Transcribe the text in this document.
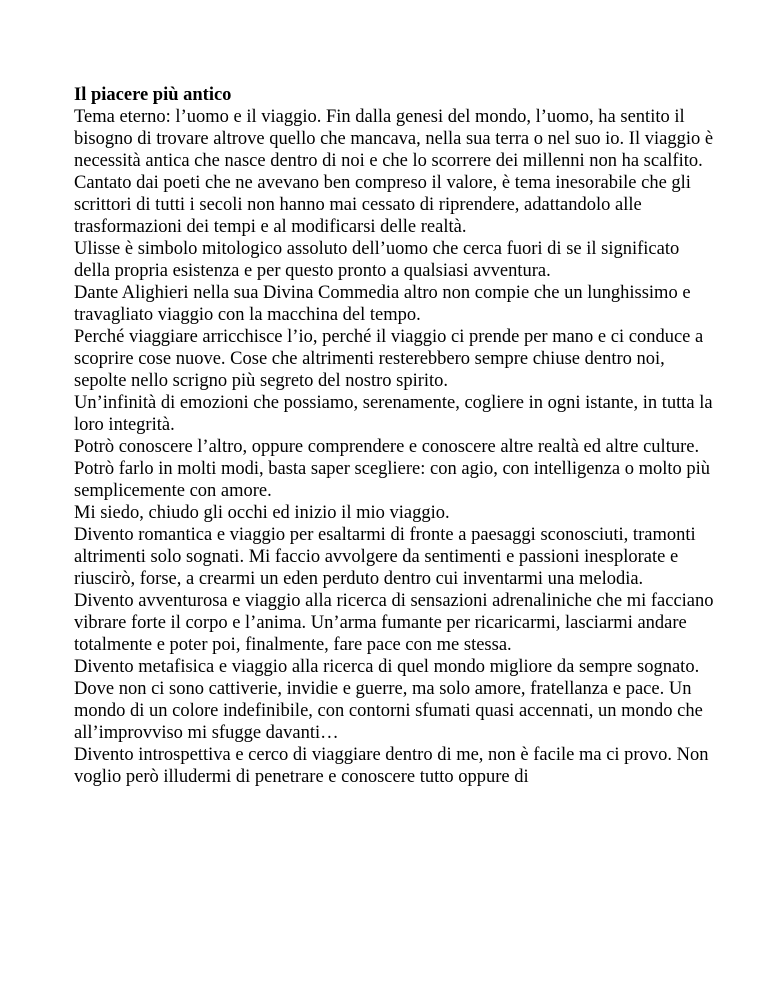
Il piacere più antico

Tema eterno: l’uomo e il viaggio. Fin dalla genesi del mondo, l’uomo, ha sentito il bisogno di trovare altrove quello che mancava, nella sua terra o nel suo io. Il viaggio è necessità antica che nasce dentro di noi e che lo scorrere dei millenni non ha scalfito.

Cantato dai poeti che ne avevano ben compreso il valore, è tema inesorabile che gli scrittori di tutti i secoli non hanno mai cessato di riprendere, adattandolo alle trasformazioni dei tempi e al modificarsi delle realtà.

Ulisse è simbolo mitologico assoluto dell’uomo che cerca fuori di se il significato della propria esistenza e per questo pronto a qualsiasi avventura.

Dante Alighieri nella sua Divina Commedia altro non compie che un lunghissimo e travagliato viaggio con la macchina del tempo.

Perché viaggiare arricchisce l’io, perché il viaggio ci prende per mano e ci conduce a scoprire cose nuove. Cose che altrimenti resterebbero sempre chiuse dentro noi, sepolte nello scrigno più segreto del nostro spirito.

Un’infinità di emozioni che possiamo, serenamente, cogliere in ogni istante, in tutta la loro integrità.

Potrò conoscere l’altro, oppure comprendere e conoscere altre realtà ed altre culture. Potrò farlo in molti modi, basta saper scegliere: con agio, con intelligenza o molto più semplicemente con amore.

Mi siedo, chiudo gli occhi ed inizio il mio viaggio.

Divento romantica e viaggio per esaltarmi di fronte a paesaggi sconosciuti, tramonti altrimenti solo sognati. Mi faccio avvolgere da sentimenti e passioni inesplorate e riuscirò, forse, a crearmi un eden perduto dentro cui inventarmi una melodia.

Divento avventurosa e viaggio alla ricerca di sensazioni adrenaliniche che mi facciano vibrare forte il corpo e l’anima. Un’arma fumante per ricaricarmi, lasciarmi andare totalmente e poter poi, finalmente, fare pace con me stessa.

Divento metafisica e viaggio alla ricerca di quel mondo migliore da sempre sognato. Dove non ci sono cattiverie, invidie e guerre, ma solo amore, fratellanza e pace. Un mondo di un colore indefinibile, con contorni sfumati quasi accennati, un mondo che all’improvviso mi sfugge davanti…

Divento introspettiva e cerco di viaggiare dentro di me, non è facile ma ci provo. Non voglio però illudermi di penetrare e conoscere tutto oppure di
